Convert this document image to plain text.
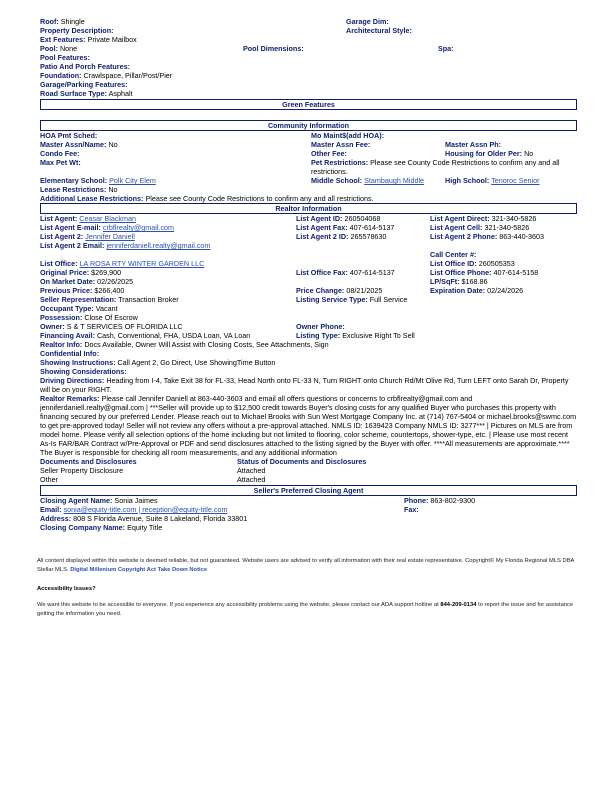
Roof: Shingle	Garage Dim:
Property Description:	Architectural Style:
Ext Features: Private Mailbox
Pool: None	Pool Dimensions:	Spa:
Pool Features:
Patio And Porch Features:
Foundation: Crawlspace, Pillar/Post/Pier
Garage/Parking Features:
Road Surface Type: Asphalt
Green Features
Community Information
HOA Pmt Sched:	Mo Maint$(add HOA):
Master Assn/Name: No	Master Assn Fee:	Master Assn Ph:
Condo Fee:	Other Fee:	Housing for Older Per: No
Max Pet Wt:	Pet Restrictions: Please see County Code Restrictions to confirm any and all restrictions.
Elementary School: Polk City Elem	Middle School: Stambaugh Middle	High School: Tenoroc Senior
Lease Restrictions: No
Additional Lease Restrictions: Please see County Code Restrictions to confirm any and all restrictions.
Realtor Information
List Agent: Ceasar Blackman	List Agent ID: 260504068	List Agent Direct: 321-340-5826
List Agent E-mail: crbflrealty@gmail.com	List Agent Fax: 407-614-5137	List Agent Cell: 321-340-5826
List Agent 2: Jennifer Daniell	List Agent 2 ID: 265578630	List Agent 2 Phone: 863-440-3603
List Agent 2 Email: jenniferdaniell.realty@gmail.com
Call Center #:
List Office: LA ROSA RTY WINTER GARDEN LLC	List Office ID: 260505353
Original Price: $269,900	List Office Fax: 407-614-5137	List Office Phone: 407-614-5158
On Market Date: 02/26/2025	LP/SqFt: $168.86
Previous Price: $266,400	Price Change: 08/21/2025	Expiration Date: 02/24/2026
Seller Representation: Transaction Broker	Listing Service Type: Full Service
Occupant Type: Vacant
Possession: Close Of Escrow
Owner: S & T SERVICES OF FLORIDA LLC	Owner Phone:
Financing Avail: Cash, Conventional, FHA, USDA Loan, VA Loan	Listing Type: Exclusive Right To Sell
Realtor Info: Docs Available, Owner Will Assist with Closing Costs, See Attachments, Sign
Confidential Info:
Showing Instructions: Call Agent 2, Go Direct, Use ShowingTime Button
Showing Considerations:
Driving Directions: Heading from I-4, Take Exit 38 for FL-33, Head North onto FL-33 N, Turn RIGHT onto Church Rd/Mt Olive Rd, Turn LEFT onto Sarah Dr, Property will be on your RIGHT.
Realtor Remarks: Please call Jennifer Daniell at 863-440-3603 and email all offers questions or concerns to crbflrealty@gmail.com and jenniferdaniell.realty@gmail.com | ***Seller will provide up to $12,500 credit towards Buyer's closing costs for any qualified Buyer who purchases this property with financing secured by our preferred Lender. Please reach out to Michael Brooks with Sun West Mortgage Company Inc. at (714) 767-5404 or michael.brooks@swmc.com to get pre-approved today! Seller will not review any offers without a pre-approval attached. NMLS ID: 1639423 Company NMLS ID: 3277*** | Pictures on MLS are from model home. Please verify all selection options of the home including but not limited to flooring, color scheme, countertops, shower-type, etc. | Please use most recent As-Is FAR/BAR Contract w/Pre-Approval or PDF and send disclosures attached to the listing signed by the Buyer with offer. ****All measurements are approximate.**** The Buyer is responsible for checking all room measurements, and any additional information
Documents and Disclosures	Status of Documents and Disclosures
Seller Property Disclosure	Attached
Other	Attached
Seller's Preferred Closing Agent
Closing Agent Name: Sonia Jaimes	Phone: 863-802-9300
Email: sonia@equity-title.com | reception@equity-title.com	Fax:
Address: 808 S Florida Avenue, Suite 8 Lakeland, Florida 33801
Closing Company Name: Equity Title
All content displayed within this website is deemed reliable, but not guaranteed. Website users are advised to verify all information with their real estate representative. Copyright© My Florida Regional MLS DBA Stellar MLS. Digital Millenium Copyright Act Take Down Notice
Accessibility Issues?
We want this website to be accessible to everyone. If you experience any accessibility problems using the website, please contact our ADA support hotline at 844-209-0134 to report the issue and for assistance getting the information you need.
